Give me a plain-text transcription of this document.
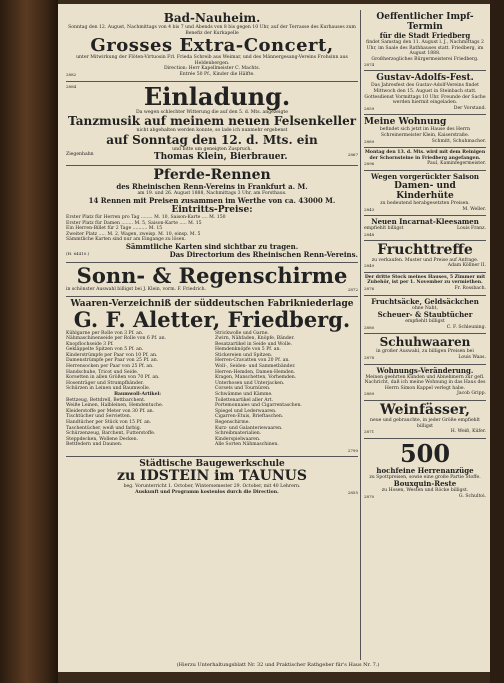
Bad-Nauheim.
Sonntag den 12. August, Nachmittags von 4 bis 7 und Abends von 8 bis gegen 10 Uhr, auf der Terrasse des Kurhauses zum Benefiz der Kurkapelle
Grosses Extra-Concert,
unter Mitwirkung der Flöten-Virtuosin Frl. Frieda Schreib aus Weimar, und des Männergesang-Vereins Frohsinn aus Heldenbergen.
Direction: Herr Kapellmeister C. Machts.
2882	Entrée 50 Pf., Kinder die Hälfte.
2884	Einladung.
Da wegen schlechter Witterung die auf den 5. d. Mts. angezeigte
Tanzmusik auf meinem neuen Felsenkeller
nicht abgehalten werden konnte, so lade ich nunmehr ergebenst
auf Sonntag den 12. d. Mts. ein
und bitte um geneigten Zuspruch.
Ziegenhahn	Thomas Klein, Bierbrauer.	2867
Pferde-Rennen
des Rheinischen Renn-Vereins in Frankfurt a. M.
am 19. und 26. August 1888, Nachmittags 3 Uhr, am Forsthaus.
14 Rennen mit Preisen zusammen im Werthe von ca. 43000 M.
Eintritts-Preise:
Erster Platz für Herren pro Tag ........ M. 10, Saison-Karte .... M. 150
Erster Platz für Damen ........ M. 5, Saison-Karte ..... M. 15
Ein Herren-Billet für 2 Tage .......... M. 15
Zweiter Platz ..... M. 2, Wagen, zweisp. M. 10, einsp. M. 5
Sämmtliche Karten sind nur am Eingange zu lösen.
Sämmtliche Karten sind sichtbar zu tragen.
(H. 64410.)	Das Directorium des Rheinischen Renn-Vereins.
Sonn- & Regenschirme
in schönster Auswahl billigst bei J. Klein, vorm. F. Friedrich.	2872
Waaren-Verzeichniß der süddeutschen Fabrikniederlage
G. F. Aletter, Friedberg.
Kühlgarne per Rolle von 3 Pf. an.
Nähmaschinenseide per Rolle von 6 Pf. an.
Knopflochseide 3 Pf.
Gekläppelte Spitzen von 5 Pf. an.
Kinderstrümpfe per Paar von 10 Pf. an.
Damenstrümpfe per Paar von 25 Pf. an.
Herrensocken per Paar von 25 Pf. an.
Handschuhe, Tricot und Seide.
Korsetten in allen Größen von 70 Pf. an.
Hosenträger und Strumpfbänder.
Schürzen in Leinen und Baumwolle.
Baumwoll-Artikel:
Bettzeug, Bettdrell, Bettbarchent.
Weiße Leinen, Halbleinen, Hemdentuche.
Kleiderstoffe per Meter von 30 Pf. an.
Tischtücher und Servietten.
Handtücher per Stück von 15 Pf. an.
Taschentücher, weiß und farbig.
Schürzenzeug, Barchent, Futterstoffe.
Steppdecken, Wollene Decken.
Bettfedern und Daunen.
Strickwolle und Garne.
Zwirn, Nähfaden, Knöpfe, Bänder.
Besatzartikel in Seide und Wolle.
Hemdenknöpfe von 5 Pf. an.
Stickereien und Spitzen.
Herren-Cravatten von 20 Pf. an.
Woll-, Seiden- und Sammetbänder.
Herren-Hemden, Damen-Hemden.
Kragen, Manschetten, Vorhemden.
Unterhosen und Unterjacken.
Corsets und Tournüren.
Schwämme und Kämme.
Toilettenartikel aller Art.
Portemonnaies und Cigarrentaschen.
Spiegel und Lederwaaren.
Cigarren-Etuis, Brieftaschen.
Regenschirme.
Kurz- und Galanteriewaaren.
Schreibmaterialien.
Kinderspielwaaren.
Alle Sorten Nähmaschinen.
2790
Städtische Baugewerkschule
zu IDSTEIN im TAUNUS
beg. Vorunterricht 1. October, Wintersemester 29. October, mit 40 Lehrern.
Auskunft und Programm kostenlos durch die Direction.	2855
Oeffentlicher Impf-Termin
für die Stadt Friedberg
findet Samstag den 11. August l. J., Nachmittags 2 Uhr, im Saale des Rathhauses statt. Friedberg, im August 1888.
Großherzogliches Bürgermeisterei Friedberg.
2874
Gustav-Adolfs-Fest.
Das Jahresfest des Gustav-Adolf-Vereins findet Mittwoch den 15. August in Steinbach statt. Gottesdienst Vormittags 10 Uhr. Freunde der Sache werden hiermit eingeladen.
2859	Der Vorstand.
Meine Wohnung
befindet sich jetzt im Hause des Herrn Schreinermeister Klein, Kaiserstraße.
2889	Schmitt, Schuhmacher.
Montag den 13. d. Mts. wird mit dem Reinigen der Schornsteine in Friedberg angefangen.
2896	Paul, Kaminfegermeister.
Wegen vorgerückter Saison
Damen- und Kinderhüte
zu bedeutend herabgesetzten Preisen.
2843	M. Weller.
Neuen Incarnat-Kleesamen
empfiehlt billigst	Louis Franz.
2848
Fruchttreffe
zu verkaufen. Muster und Preise auf Anfrage.
2849	Adam Köllner II.
Der dritte Stock meines Hauses, 5 Zimmer mit Zubehör, ist per 1. November zu vermiethen.
2876	Fr. Rossbach.
Fruchtsäcke, Geldsäckchen
ohne Naht,
Scheuer- & Staubtücher
empfiehlt billigst
2880	C. F. Schleuning.
Schuhwaaren
in großer Auswahl, zu billigen Preisen bei
2878	Louis Waas.
Wohnungs-Veränderung.
Meinen geehrten Kunden und Abnehmern zur gefl. Nachricht, daß ich meine Wohnung in das Haus des Herrn Simon Kappel verlegt habe.
2889	Jacob Gripp.
Weinfässer,
neue und gebrauchte, in jeder Größe empfiehlt billigst
2871	H. Weiß, Küfer.
500
hochfeine Herrenanzüge
zu Spottpreisen, sowie eine große Partie Stoffe.
Bouxquin-Reste
zu Hosen, Westen und Röcke billigst.
2870	G. Schultoi.
(Hierzu Unterhaltungsblatt Nr. 32 und Praktischer Rathgeber für's Haus Nr. 7.)
